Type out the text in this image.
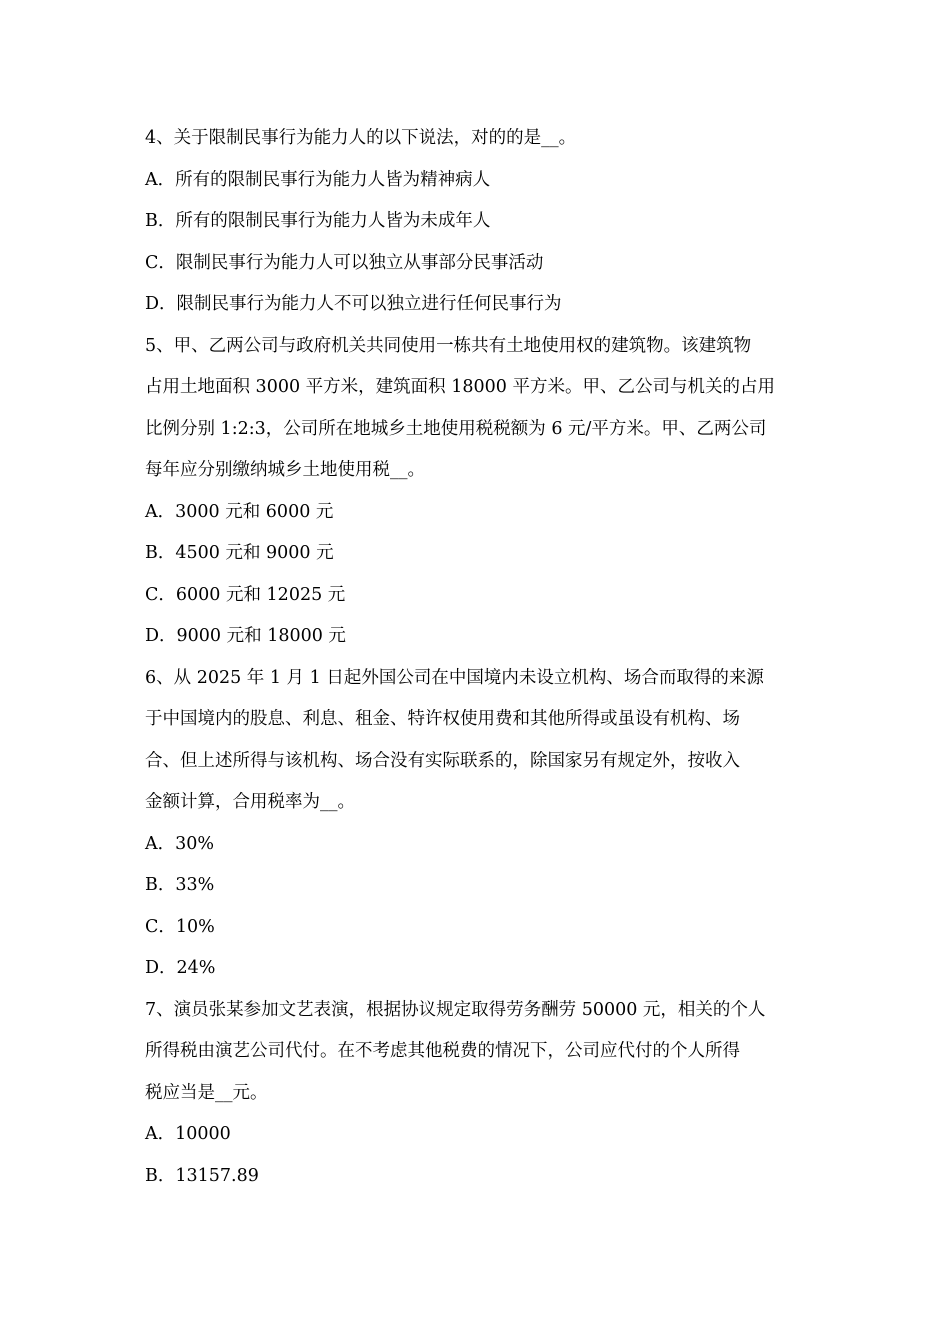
4、关于限制民事行为能力人的以下说法，对的的是__。

A．所有的限制民事行为能力人皆为精神病人

B．所有的限制民事行为能力人皆为未成年人

C．限制民事行为能力人可以独立从事部分民事活动

D．限制民事行为能力人不可以独立进行任何民事行为

5、甲、乙两公司与政府机关共同使用一栋共有土地使用权的建筑物。该建筑物

占用土地面积 3000 平方米，建筑面积 18000 平方米。甲、乙公司与机关的占用

比例分别 1:2:3，公司所在地城乡土地使用税税额为 6 元/平方米。甲、乙两公司

每年应分别缴纳城乡土地使用税__。

A．3000 元和 6000 元

B．4500 元和 9000 元

C．6000 元和 12025 元

D．9000 元和 18000 元

6、从 2025 年 1 月 1 日起外国公司在中国境内未设立机构、场合而取得的来源

于中国境内的股息、利息、租金、特许权使用费和其他所得或虽设有机构、场

合、但上述所得与该机构、场合没有实际联系的，除国家另有规定外，按收入

金额计算，合用税率为__。

A．30%

B．33%

C．10%

D．24%

7、演员张某参加文艺表演，根据协议规定取得劳务酬劳 50000 元，相关的个人

所得税由演艺公司代付。在不考虑其他税费的情况下，公司应代付的个人所得

税应当是__元。

A．10000

B．13157.89
